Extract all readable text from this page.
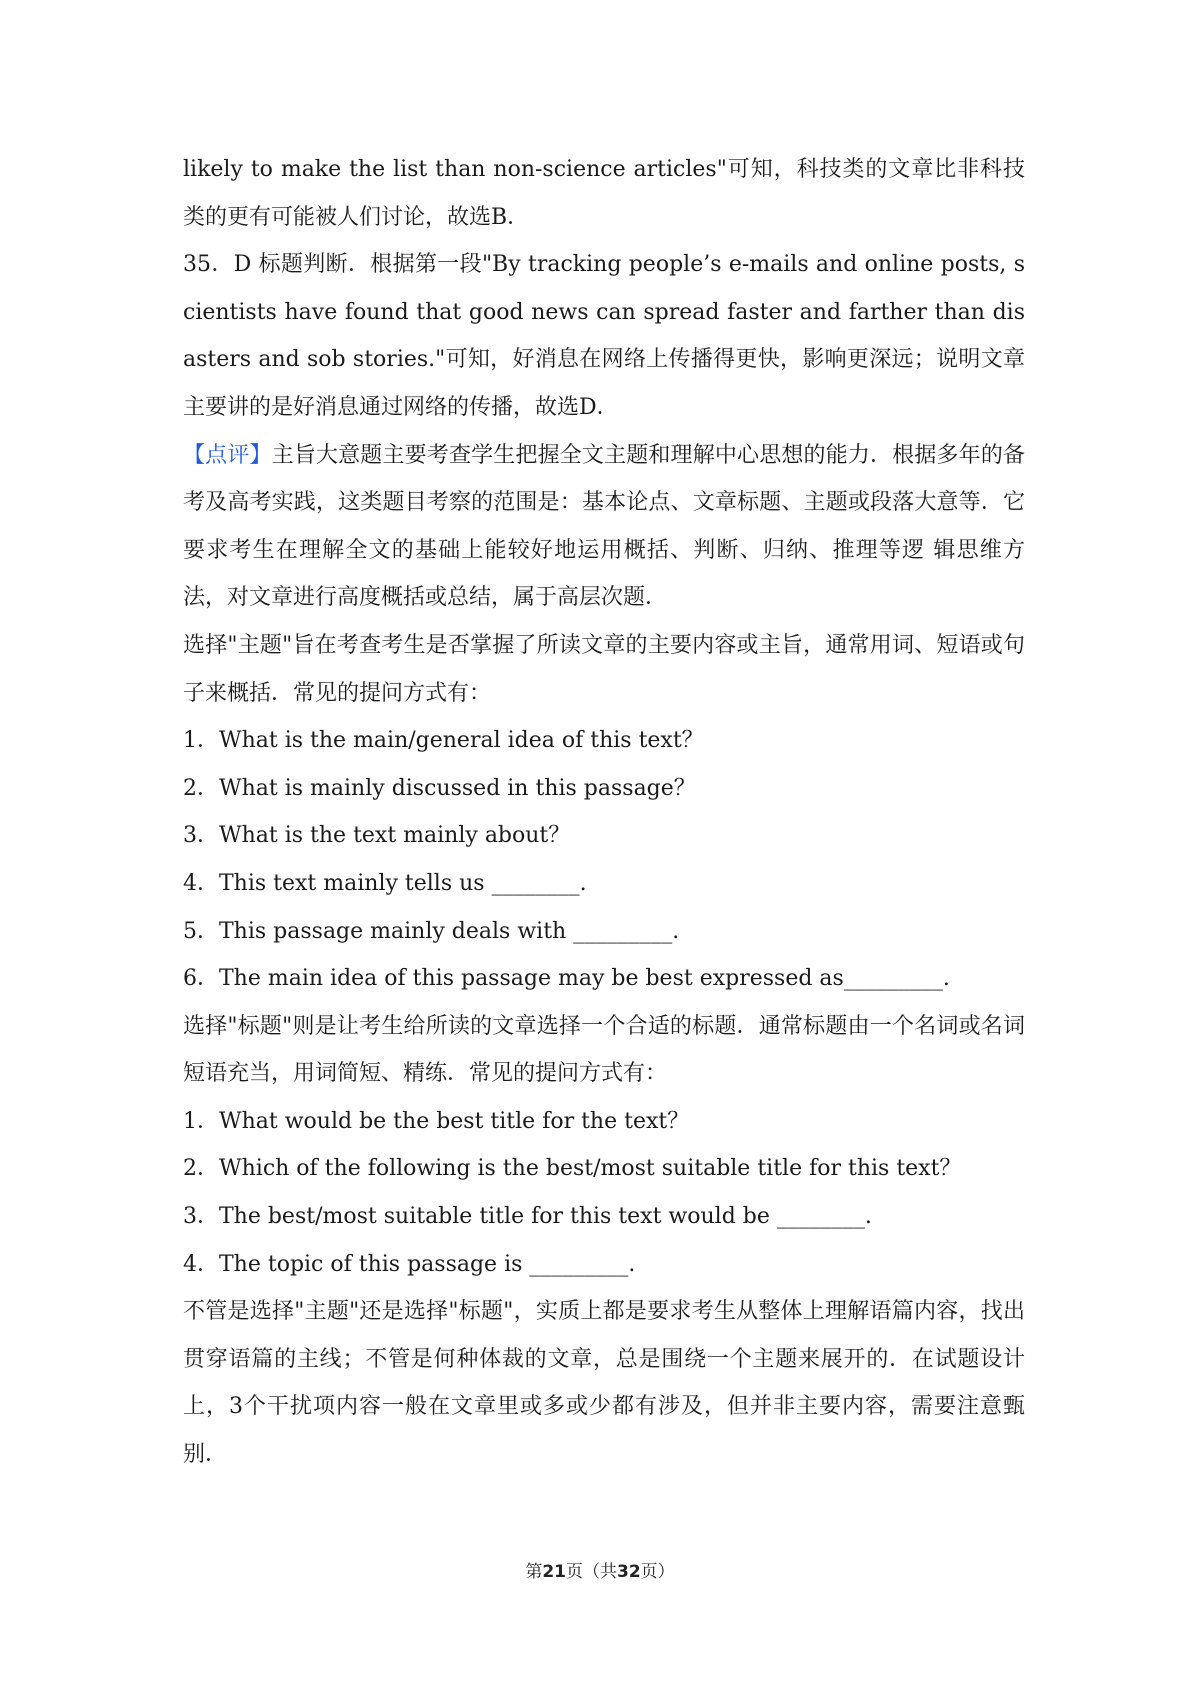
likely to make the list than non-science articles"可知，科技类的文章比非科技类的更有可能被人们讨论，故选B．

35．D 标题判断．根据第一段"By tracking people’s e-mails and online posts, scientists have found that good news can spread faster and farther than disasters and sob stories."可知，好消息在网络上传播得更快，影响更深远；说明文章主要讲的是好消息通过网络的传播，故选D．

【点评】主旨大意题主要考查学生把握全文主题和理解中心思想的能力．根据多年的备考及高考实践，这类题目考察的范围是：基本论点、文章标题、主题或段落大意等．它要求考生在理解全文的基础上能较好地运用概括、判断、归纳、推理等逻 辑思维方法，对文章进行高度概括或总结，属于高层次题．

选择"主题"旨在考查考生是否掌握了所读文章的主要内容或主旨，通常用词、短语或句子来概括．常见的提问方式有：

1．What is the main/general idea of this text？

2．What is mainly discussed in this passage？

3．What is the text mainly about？

4．This text mainly tells us ________.

5．This passage mainly deals with _________.

6．The main idea of this passage may be best expressed as_________.

选择"标题"则是让考生给所读的文章选择一个合适的标题．通常标题由一个名词或名词短语充当，用词简短、精练．常见的提问方式有：

1．What would be the best title for the text？

2．Which of the following is the best/most suitable title for this text？

3．The best/most suitable title for this text would be ________.

4．The topic of this passage is _________.

不管是选择"主题"还是选择"标题"，实质上都是要求考生从整体上理解语篇内容，找出贯穿语篇的主线；不管是何种体裁的文章，总是围绕一个主题来展开的．在试题设计上，3个干扰项内容一般在文章里或多或少都有涉及，但并非主要内容，需要注意甄别．

第21页（共32页）
